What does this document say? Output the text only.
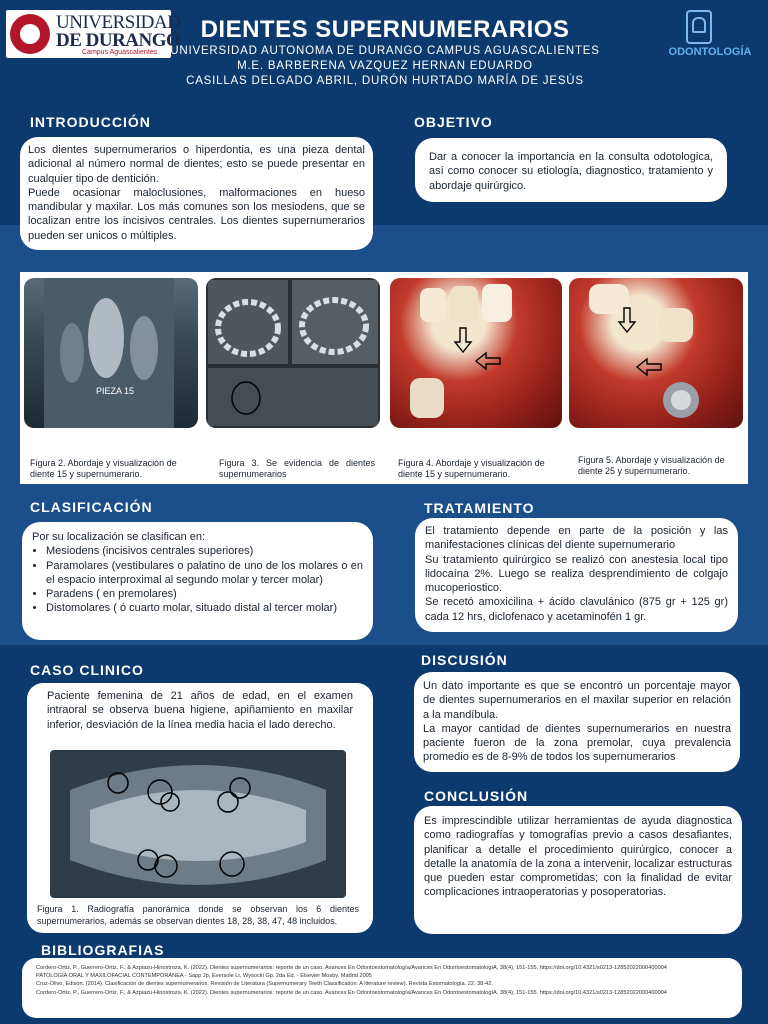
UNIVERSIDAD
DE DURANGO
Campus Aguascalientes
DIENTES SUPERNUMERARIOS
UNIVERSIDAD AUTONOMA DE DURANGO CAMPUS AGUASCALIENTES
M.E. BARBERENA VAZQUEZ HERNAN EDUARDO
CASILLAS DELGADO ABRIL, DURÓN HURTADO MARÍA DE JESÚS
ODONTOLOGÍA
INTRODUCCIÓN
Los dientes supernumerarios o hiperdontia, es una pieza dental adicional al número normal de dientes; esto se puede presentar en cualquier tipo de dentición.
Puede ocasionar maloclusiones, malformaciones en hueso mandibular y maxilar. Los más comunes son los mesiodens, que se localizan entre los incisivos centrales. Los dientes supernumerarios pueden ser unicos o múltiples.
OBJETIVO
Dar a conocer la importancia en la consulta odotologica, así como conocer su etiología, diagnostico, tratamiento y abordaje quirúrgico.
PIEZA 15
Figura 2. Abordaje y visualización de diente 15 y supernumerario.
Figura 3. Se evidencia de dientes supernumerarios
Figura 4. Abordaje y visualización de diente 15 y supernumerario.
Figura 5. Abordaje y visualización de diente 25 y supernumerario.
CLASIFICACIÓN
Por su localización se clasifican en:
• Mesiodens (incisivos centrales superiores)
• Paramolares (vestibulares o palatino de uno de los molares o en el espacio interproximal al segundo molar y tercer molar)
• Paradens ( en premolares)
• Distomolares ( ó cuarto molar, situado distal al tercer molar)
TRATAMIENTO
El tratamiento depende en parte de la posición y las manifestaciones clínicas del diente supernumerario
Su tratamiento quirúrgico se realizó con anestesia local tipo lidocaína 2%. Luego se realiza desprendimiento de colgajo mucoperiostico.
Se recetó amoxicilina + ácido clavulánico (875 gr + 125 gr) cada 12 hrs, diclofenaco y acetaminofén 1 gr.
CASO CLINICO
Paciente femenina de 21 años de edad, en el examen intraoral se observa buena higiene, apiñamiento en maxilar inferior, desviación de la línea media hacia el lado derecho.
Figura 1. Radiografía panorámica donde se observan los 6 dientes supernumerarios, además se observan dientes 18, 28, 38, 47, 48 incluidos.
DISCUSIÓN
Un dato importante es que se encontró un porcentaje mayor de dientes supernumerarios en el maxilar superior en relación a la mandíbula.
La mayor cantidad de dientes supernumerarios en nuestra paciente fueron de la zona premolar, cuya prevalencia promedio es de 8-9% de todos los supernumerarios
CONCLUSIÓN
Es imprescindible utilizar herramientas de ayuda diagnostica como radiografías y tomografías previo a casos desafiantes, planificar a detalle el procedimiento quirúrgico, conocer a detalle la anatomía de la zona a intervenir, localizar estructuras que pueden estar comprometidas; con la finalidad de evitar complicaciones intraoperatorias y posoperatorias.
BIBLIOGRAFIAS
Cordero-Ortiz, P., Guerrero-Ortiz, F., & Azpiazu-Hinostroza, K. (2022). Dientes supernumerarios: reporte de un caso. Avances En Odontoestomatología/Avances En OdontoestomatologíA, 38(4), 151-155. https://doi.org/10.4321/s0213-12852022000400004
PATOLOGÍA ORAL Y MAXILOFACIAL CONTEMPORÁNEA - Sapp Jp, Eversole Lr, Wysocki Gp. 2da Ed. - Elsevier Mosby. Madrid 2005
Cruz-Olivo, Edison. (2014). Clasificación de dientes supernumerarios. Revisión de Literatura (Supernumerary Teeth Classification: A literature review). Revista Estomatología. 22. 38-42.
Cordero-Ortiz, P., Guerrero-Ortiz, F., & Azpiazu-Hinostroza, K. (2022). Dientes supernumerarios: reporte de un caso. Avances En Odontoestomatología/Avances En OdontoestomatologíA, 38(4), 151-155. https://doi.org/10.4321/s0213-12852022000400004
